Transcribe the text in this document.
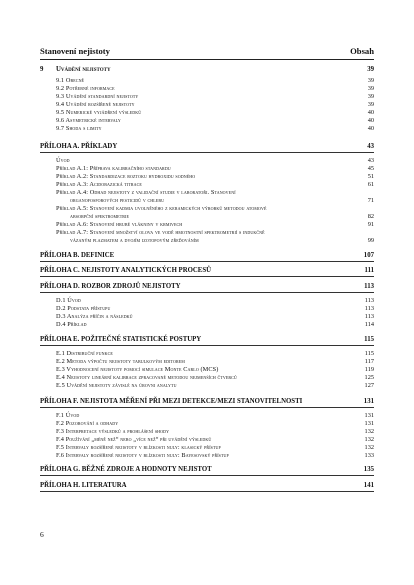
Stanovení nejistoty	Obsah
9 Uvádění nejistoty	39
9.1 Obecně	39
9.2 Potřebné informace	39
9.3 Uvádění standardní nejistoty	39
9.4 Uvádění rozšířené nejistoty	39
9.5 Numerické vyjádření výsledků	40
9.6 Asymetrické intervaly	40
9.7 Shoda s limity	40
PŘÍLOHA A. PŘÍKLADY	43
Úvod	43
Příklad A.1: Příprava kalibračního standardu	45
Příklad A.2: Standardizace roztoku hydroxidu sodného	51
Příklad A.3: Acidobazická titrace	61
Příklad A.4: Odhad nejistoty z validační studie v laboratoři. Stanovení
organofosforových pesticidů v chlebu	71
Příklad A.5: Stanovení kadmia uvolněného z keramických výrobků metodou atomové
absorpční spektrometrie	82
Příklad A.6: Stanovení hrubé vlákniny v krmivech	91
Příklad A.7: Stanovení množství olova ve vodě hmotnostní spektrometrií s indukčně
vázaným plazmatem a dvojím izotopovým zřeďováním	99
PŘÍLOHA B. DEFINICE	107
PŘÍLOHA C. NEJISTOTY ANALYTICKÝCH PROCESŮ	111
PŘÍLOHA D. ROZBOR ZDROJŮ NEJISTOTY	113
D.1 Úvod	113
D.2 Podstata přístupu	113
D.3 Analýza příčin a následků	113
D.4 Příklad	114
PŘÍLOHA E. POŽITEČNÉ STATISTICKÉ POSTUPY	115
E.1 Distribuční funkce	115
E.2 Metoda výpočtu nejistoty tabulkovým editorem	117
E.3 Vyhodnocení nejistoty pomocí simulace Monte Carlo (MCS)	119
E.4 Nejistoty lineární kalibrace zpracované metodou nejmenších čtverců	125
E.5 Uvádění nejistoty závislé na úrovni analytu	127
PŘÍLOHA F. NEJISTOTA MĚŘENÍ PŘI MEZI DETEKCE/MEZI STANOVITELNOSTI	131
F.1 Úvod	131
F.2 Pozorování a odhady	131
F.3 Interpretace výsledků a prohlášení shody	132
F.4 Používání „méně než“ nebo „více než“ při uvádění výsledků	132
F.5 Intervaly rozšířené nejistoty v blízkosti nuly: klasický přístup	132
F.6 Intervaly rozšířené nejistoty v blízkosti nuly: Bayesovský přístup	133
PŘÍLOHA G. BĚŽNÉ ZDROJE A HODNOTY NEJISTOT	135
PŘÍLOHA H. LITERATURA	141
6
